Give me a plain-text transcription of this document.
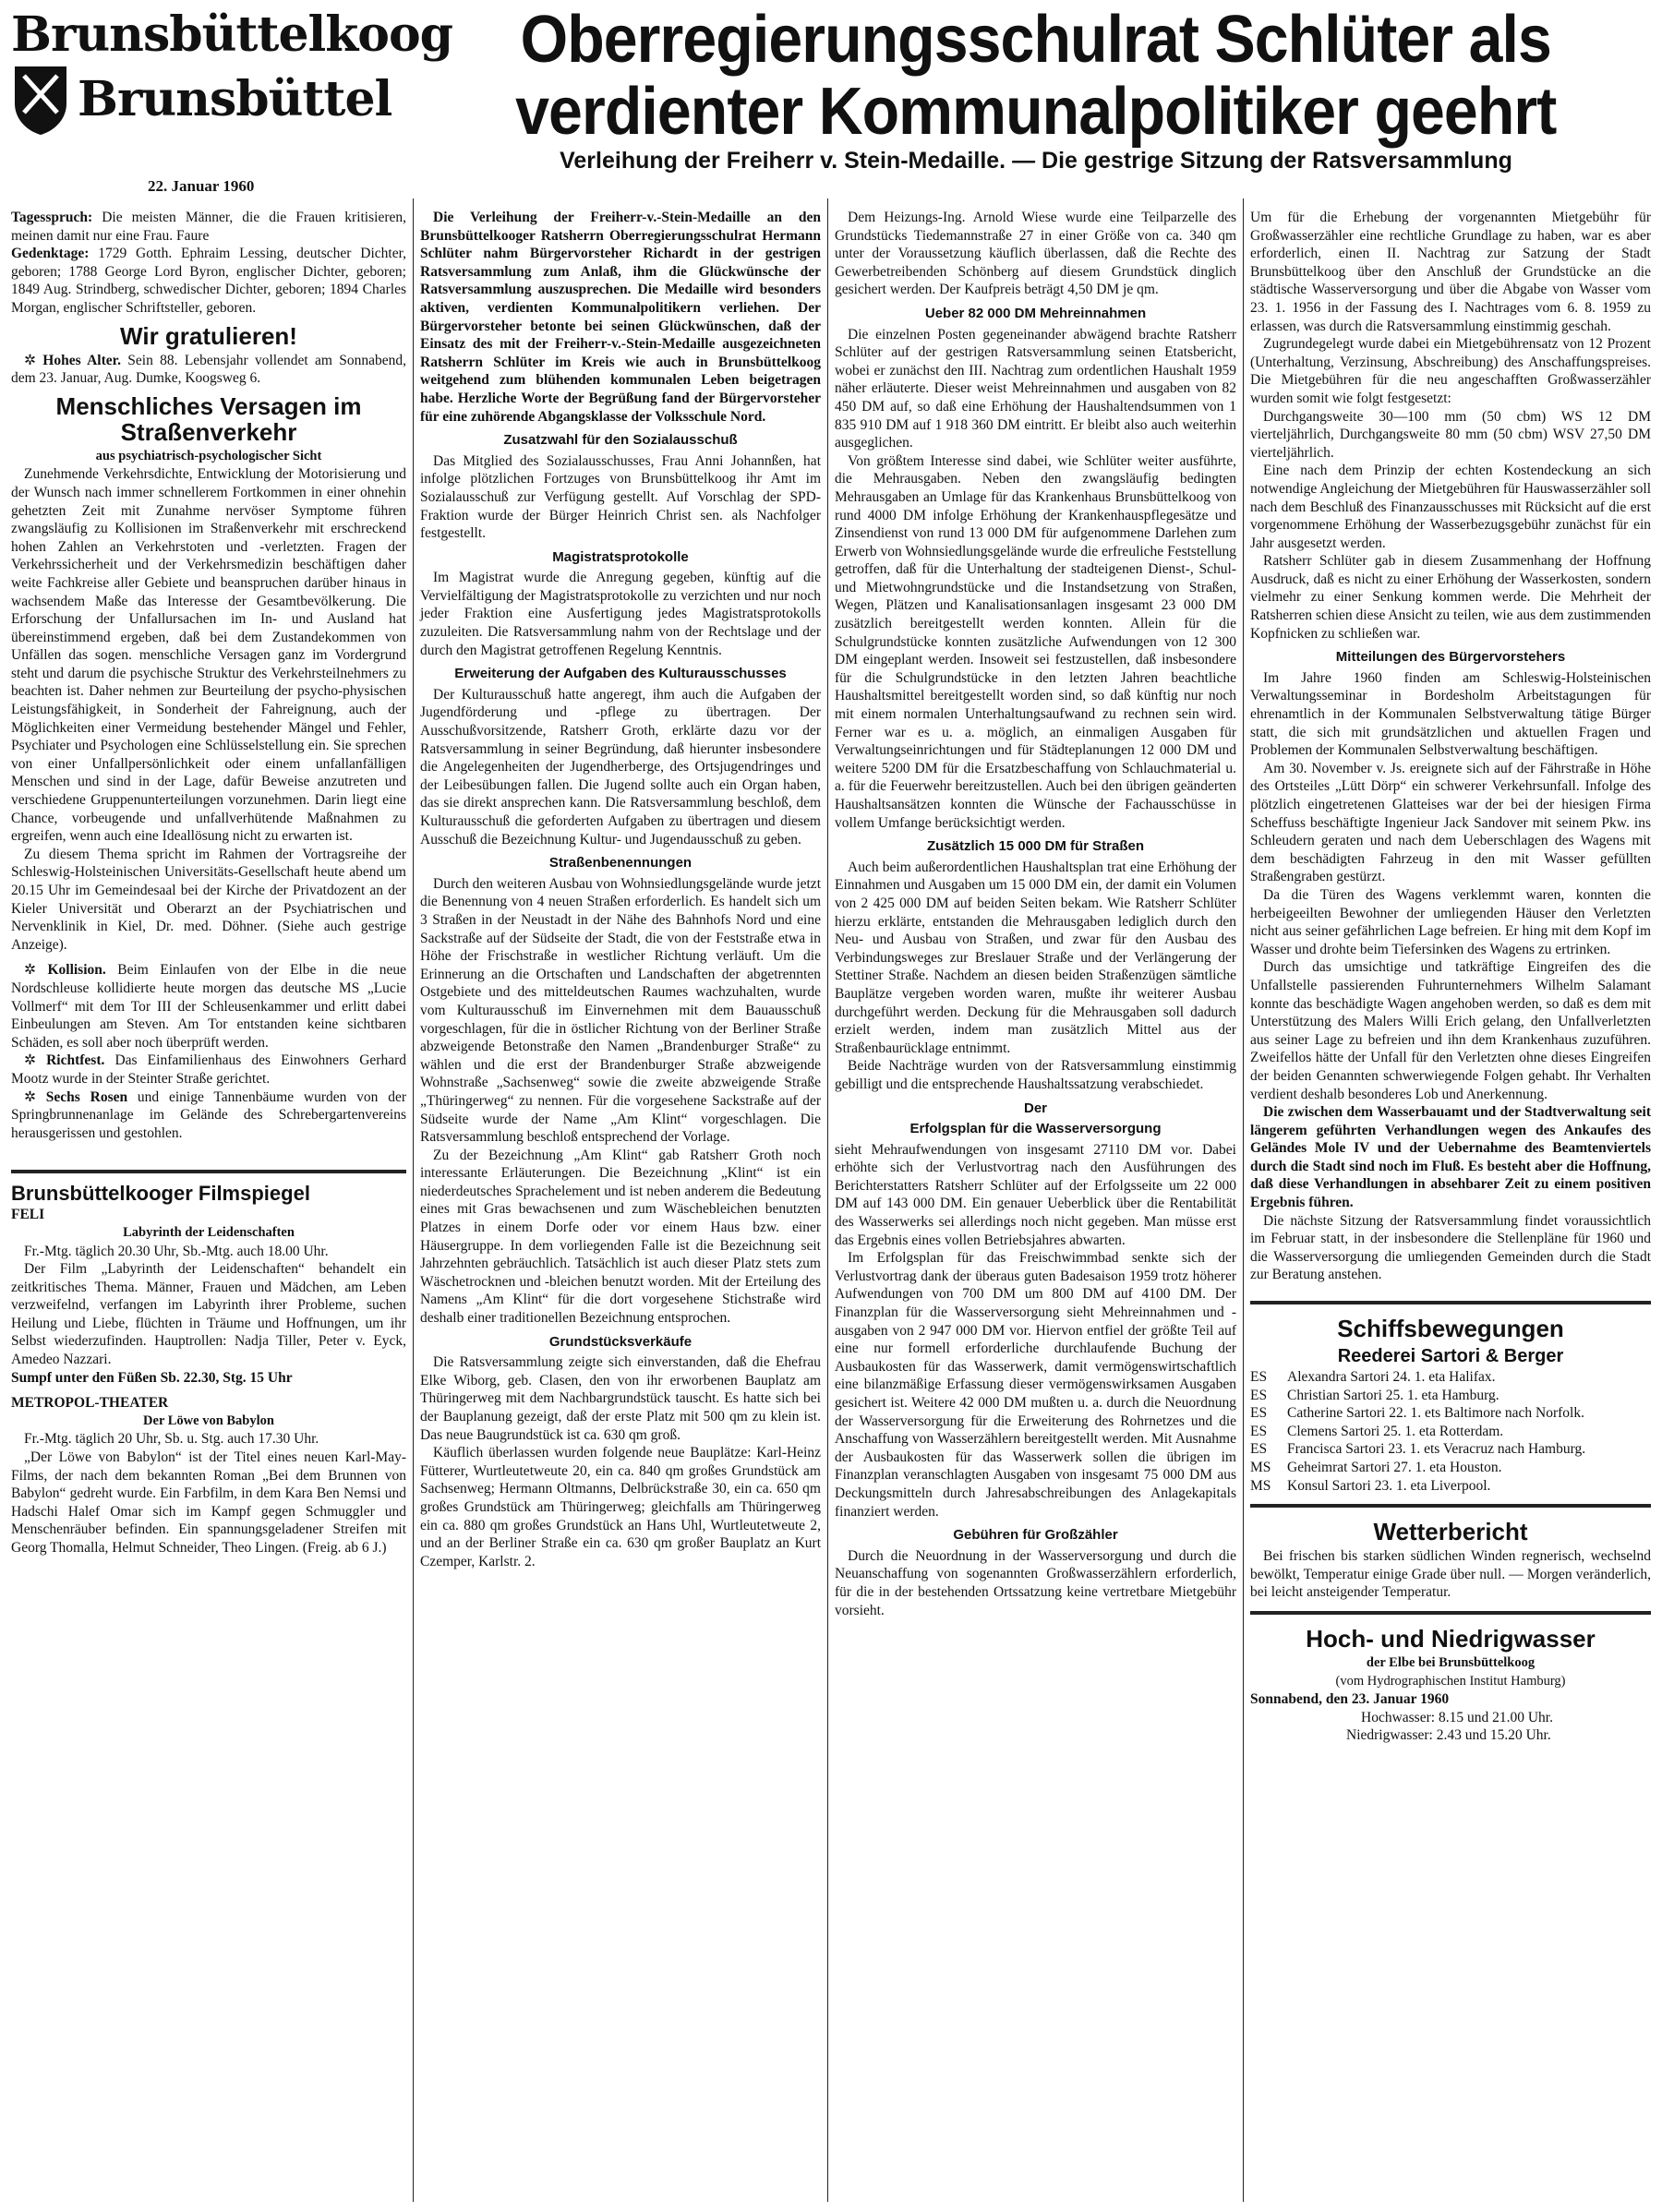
Brunsbüttelkoog
Brunsbüttel
22. Januar 1960
Oberregierungsschulrat Schlüter als
verdienter Kommunalpolitiker geehrt
Verleihung der Freiherr v. Stein-Medaille. — Die gestrige Sitzung der Ratsversammlung

Tagesspruch: Die meisten Männer, die die Frauen kritisieren, meinen damit nur eine Frau. Faure

Gedenktage: 1729 Gotth. Ephraim Lessing, deutscher Dichter, geboren; 1788 George Lord Byron, englischer Dichter, geboren; 1849 Aug. Strindberg, schwedischer Dichter, geboren; 1894 Charles Morgan, englischer Schriftsteller, geboren.

Wir gratulieren!

✲ Hohes Alter. Sein 88. Lebensjahr vollendet am Sonnabend, dem 23. Januar, Aug. Dumke, Koogsweg 6.

Menschliches Versagen im Straßenverkehr
aus psychiatrisch-psychologischer Sicht

Zunehmende Verkehrsdichte, Entwicklung der Motorisierung und der Wunsch nach immer schnellerem Fortkommen in einer ohnehin gehetzten Zeit mit Zunahme nervöser Symptome führen zwangsläufig zu Kollisionen im Straßenverkehr mit erschreckend hohen Zahlen an Verkehrstoten und -verletzten. Fragen der Verkehrssicherheit und der Verkehrsmedizin beschäftigen daher weite Fachkreise aller Gebiete und beanspruchen darüber hinaus in wachsendem Maße das Interesse der Gesamtbevölkerung. Die Erforschung der Unfallursachen im In- und Ausland hat übereinstimmend ergeben, daß bei dem Zustandekommen von Unfällen das sogen. menschliche Versagen ganz im Vordergrund steht und darum die psychische Struktur des Verkehrsteilnehmers zu beachten ist. Daher nehmen zur Beurteilung der psycho-physischen Leistungsfähigkeit, in Sonderheit der Fahreignung, auch der Möglichkeiten einer Vermeidung bestehender Mängel und Fehler, Psychiater und Psychologen eine Schlüsselstellung ein. Sie sprechen von einer Unfallpersönlichkeit oder einem unfallanfälligen Menschen und sind in der Lage, dafür Beweise anzutreten und verschiedene Gruppenunterteilungen vorzunehmen. Darin liegt eine Chance, vorbeugende und unfallverhütende Maßnahmen zu ergreifen, wenn auch eine Ideallösung nicht zu erwarten ist.

Zu diesem Thema spricht im Rahmen der Vortragsreihe der Schleswig-Holsteinischen Universitäts-Gesellschaft heute abend um 20.15 Uhr im Gemeindesaal bei der Kirche der Privatdozent an der Kieler Universität und Oberarzt an der Psychiatrischen und Nervenklinik in Kiel, Dr. med. Döhner. (Siehe auch gestrige Anzeige).

✲ Kollision. Beim Einlaufen von der Elbe in die neue Nordschleuse kollidierte heute morgen das deutsche MS „Lucie Vollmerf“ mit dem Tor III der Schleusenkammer und erlitt dabei Einbeulungen am Steven. Am Tor entstanden keine sichtbaren Schäden, es soll aber noch überprüft werden.

✲ Richtfest. Das Einfamilienhaus des Einwohners Gerhard Mootz wurde in der Steinter Straße gerichtet.

✲ Sechs Rosen und einige Tannenbäume wurden von der Springbrunnenanlage im Gelände des Schrebergartenvereins herausgerissen und gestohlen.

Brunsbüttelkooger Filmspiegel
FELI
Labyrinth der Leidenschaften

Fr.-Mtg. täglich 20.30 Uhr, Sb.-Mtg. auch 18.00 Uhr.

Der Film „Labyrinth der Leidenschaften“ behandelt ein zeitkritisches Thema. Männer, Frauen und Mädchen, am Leben verzweifelnd, verfangen im Labyrinth ihrer Probleme, suchen Heilung und Liebe, flüchten in Träume und Hoffnungen, um ihr Selbst wiederzufinden. Hauptrollen: Nadja Tiller, Peter v. Eyck, Amedeo Nazzari.

Sumpf unter den Füßen Sb. 22.30, Stg. 15 Uhr
METROPOL-THEATER
Der Löwe von Babylon

Fr.-Mtg. täglich 20 Uhr, Sb. u. Stg. auch 17.30 Uhr.

„Der Löwe von Babylon“ ist der Titel eines neuen Karl-May-Films, der nach dem bekannten Roman „Bei dem Brunnen von Babylon“ gedreht wurde. Ein Farbfilm, in dem Kara Ben Nemsi und Hadschi Halef Omar sich im Kampf gegen Schmuggler und Menschenräuber befinden. Ein spannungsgeladener Streifen mit Georg Thomalla, Helmut Schneider, Theo Lingen. (Freig. ab 6 J.)

Die Verleihung der Freiherr-v.-Stein-Medaille an den Brunsbüttelkooger Ratsherrn Oberregierungsschulrat Hermann Schlüter nahm Bürgervorsteher Richardt in der gestrigen Ratsversammlung zum Anlaß, ihm die Glückwünsche der Ratsversammlung auszusprechen. Die Medaille wird besonders aktiven, verdienten Kommunalpolitikern verliehen. Der Bürgervorsteher betonte bei seinen Glückwünschen, daß der Einsatz des mit der Freiherr-v.-Stein-Medaille ausgezeichneten Ratsherrn Schlüter im Kreis wie auch in Brunsbüttelkoog weitgehend zum blühenden kommunalen Leben beigetragen habe. Herzliche Worte der Begrüßung fand der Bürgervorsteher für eine zuhörende Abgangsklasse der Volksschule Nord.

Zusatzwahl für den Sozialausschuß

Das Mitglied des Sozialausschusses, Frau Anni Johannßen, hat infolge plötzlichen Fortzuges von Brunsbüttelkoog ihr Amt im Sozialausschuß zur Verfügung gestellt. Auf Vorschlag der SPD-Fraktion wurde der Bürger Heinrich Christ sen. als Nachfolger festgestellt.

Magistratsprotokolle

Im Magistrat wurde die Anregung gegeben, künftig auf die Vervielfältigung der Magistratsprotokolle zu verzichten und nur noch jeder Fraktion eine Ausfertigung jedes Magistratsprotokolls zuzuleiten. Die Ratsversammlung nahm von der Rechtslage und der durch den Magistrat getroffenen Regelung Kenntnis.

Erweiterung der Aufgaben des Kulturausschusses

Der Kulturausschuß hatte angeregt, ihm auch die Aufgaben der Jugendförderung und -pflege zu übertragen. Der Ausschußvorsitzende, Ratsherr Groth, erklärte dazu vor der Ratsversammlung in seiner Begründung, daß hierunter insbesondere die Angelegenheiten der Jugendherberge, des Ortsjugendringes und der Leibesübungen fallen. Die Jugend sollte auch ein Organ haben, das sie direkt ansprechen kann. Die Ratsversammlung beschloß, dem Kulturausschuß die geforderten Aufgaben zu übertragen und diesem Ausschuß die Bezeichnung Kultur- und Jugendausschuß zu geben.

Straßenbenennungen

Durch den weiteren Ausbau von Wohnsiedlungsgelände wurde jetzt die Benennung von 4 neuen Straßen erforderlich. Es handelt sich um 3 Straßen in der Neustadt in der Nähe des Bahnhofs Nord und eine Sackstraße auf der Südseite der Stadt, die von der Feststraße etwa in Höhe der Frischstraße in westlicher Richtung verläuft. Um die Erinnerung an die Ortschaften und Landschaften der abgetrennten Ostgebiete und des mitteldeutschen Raumes wachzuhalten, wurde vom Kulturausschuß im Einvernehmen mit dem Bauausschuß vorgeschlagen, für die in östlicher Richtung von der Berliner Straße abzweigende Betonstraße den Namen „Brandenburger Straße“ zu wählen und die erst der Brandenburger Straße abzweigende Wohnstraße „Sachsenweg“ sowie die zweite abzweigende Straße „Thüringerweg“ zu nennen. Für die vorgesehene Sackstraße auf der Südseite wurde der Name „Am Klint“ vorgeschlagen. Die Ratsversammlung beschloß entsprechend der Vorlage.

Zu der Bezeichnung „Am Klint“ gab Ratsherr Groth noch interessante Erläuterungen. Die Bezeichnung „Klint“ ist ein niederdeutsches Sprachelement und ist neben anderem die Bedeutung eines mit Gras bewachsenen und zum Wäschebleichen benutzten Platzes in einem Dorfe oder vor einem Haus bzw. einer Häusergruppe. In dem vorliegenden Falle ist die Bezeichnung seit Jahrzehnten gebräuchlich. Tatsächlich ist auch dieser Platz stets zum Wäschetrocknen und -bleichen benutzt worden. Mit der Erteilung des Namens „Am Klint“ für die dort vorgesehene Stichstraße wird deshalb einer traditionellen Bezeichnung entsprochen.

Grundstücksverkäufe

Die Ratsversammlung zeigte sich einverstanden, daß die Ehefrau Elke Wiborg, geb. Clasen, den von ihr erworbenen Bauplatz am Thüringerweg mit dem Nachbargrundstück tauscht. Es hatte sich bei der Bauplanung gezeigt, daß der erste Platz mit 500 qm zu klein ist. Das neue Baugrundstück ist ca. 630 qm groß.

Käuflich überlassen wurden folgende neue Bauplätze: Karl-Heinz Fütterer, Wurtleutetweute 20, ein ca. 840 qm großes Grundstück am Sachsenweg; Hermann Oltmanns, Delbrückstraße 30, ein ca. 650 qm großes Grundstück am Thüringerweg; gleichfalls am Thüringerweg ein ca. 880 qm großes Grundstück an Hans Uhl, Wurtleutetweute 2, und an der Berliner Straße ein ca. 630 qm großer Bauplatz an Kurt Czemper, Karlstr. 2.

Dem Heizungs-Ing. Arnold Wiese wurde eine Teilparzelle des Grundstücks Tiedemannstraße 27 in einer Größe von ca. 340 qm unter der Voraussetzung käuflich überlassen, daß die Rechte des Gewerbetreibenden Schönberg auf diesem Grundstück dinglich gesichert werden. Der Kaufpreis beträgt 4,50 DM je qm.

Ueber 82 000 DM Mehreinnahmen

Die einzelnen Posten gegeneinander abwägend brachte Ratsherr Schlüter auf der gestrigen Ratsversammlung seinen Etatsbericht, wobei er zunächst den III. Nachtrag zum ordentlichen Haushalt 1959 näher erläuterte. Dieser weist Mehreinnahmen und ausgaben von 82 450 DM auf, so daß eine Erhöhung der Haushaltendsummen von 1 835 910 DM auf 1 918 360 DM eintritt. Er bleibt also auch weiterhin ausgeglichen.

Von größtem Interesse sind dabei, wie Schlüter weiter ausführte, die Mehrausgaben. Neben den zwangsläufig bedingten Mehrausgaben an Umlage für das Krankenhaus Brunsbüttelkoog von rund 4000 DM infolge Erhöhung der Krankenhauspflegesätze und Zinsendienst von rund 13 000 DM für aufgenommene Darlehen zum Erwerb von Wohnsiedlungsgelände wurde die erfreuliche Feststellung getroffen, daß für die Unterhaltung der stadteigenen Dienst-, Schul- und Mietwohngrundstücke und die Instandsetzung von Straßen, Wegen, Plätzen und Kanalisationsanlagen insgesamt 23 000 DM zusätzlich bereitgestellt werden konnten. Allein für die Schulgrundstücke konnten zusätzliche Aufwendungen von 12 300 DM eingeplant werden. Insoweit sei festzustellen, daß insbesondere für die Schulgrundstücke in den letzten Jahren beachtliche Haushaltsmittel bereitgestellt worden sind, so daß künftig nur noch mit einem normalen Unterhaltungsaufwand zu rechnen sein wird. Ferner war es u. a. möglich, an einmaligen Ausgaben für Verwaltungseinrichtungen und für Städteplanungen 12 000 DM und weitere 5200 DM für die Ersatzbeschaffung von Schlauchmaterial u. a. für die Feuerwehr bereitzustellen. Auch bei den übrigen geänderten Haushaltsansätzen konnten die Wünsche der Fachausschüsse in vollem Umfange berücksichtigt werden.

Zusätzlich 15 000 DM für Straßen

Auch beim außerordentlichen Haushaltsplan trat eine Erhöhung der Einnahmen und Ausgaben um 15 000 DM ein, der damit ein Volumen von 2 425 000 DM auf beiden Seiten bekam. Wie Ratsherr Schlüter hierzu erklärte, entstanden die Mehrausgaben lediglich durch den Neu- und Ausbau von Straßen, und zwar für den Ausbau des Verbindungsweges zur Breslauer Straße und der Verlängerung der Stettiner Straße. Nachdem an diesen beiden Straßenzügen sämtliche Bauplätze vergeben worden waren, mußte ihr weiterer Ausbau durchgeführt werden. Deckung für die Mehrausgaben soll dadurch erzielt werden, indem man zusätzlich Mittel aus der Straßenbaurücklage entnimmt.

Beide Nachträge wurden von der Ratsversammlung einstimmig gebilligt und die entsprechende Haushaltssatzung verabschiedet.

Der
Erfolgsplan für die Wasserversorgung

sieht Mehraufwendungen von insgesamt 27110 DM vor. Dabei erhöhte sich der Verlustvortrag nach den Ausführungen des Berichterstatters Ratsherr Schlüter auf der Erfolgsseite um 22 000 DM auf 143 000 DM. Ein genauer Ueberblick über die Rentabilität des Wasserwerks sei allerdings noch nicht gegeben. Man müsse erst das Ergebnis eines vollen Betriebsjahres abwarten.

Im Erfolgsplan für das Freischwimmbad senkte sich der Verlustvortrag dank der überaus guten Badesaison 1959 trotz höherer Aufwendungen von 700 DM um 800 DM auf 4100 DM. Der Finanzplan für die Wasserversorgung sieht Mehreinnahmen und -ausgaben von 2 947 000 DM vor. Hiervon entfiel der größte Teil auf eine nur formell erforderliche durchlaufende Buchung der Ausbaukosten für das Wasserwerk, damit vermögenswirtschaftlich eine bilanzmäßige Erfassung dieser vermögenswirksamen Ausgaben gesichert ist. Weitere 42 000 DM mußten u. a. durch die Neuordnung der Wasserversorgung für die Erweiterung des Rohrnetzes und die Anschaffung von Wasserzählern bereitgestellt werden. Mit Ausnahme der Ausbaukosten für das Wasserwerk sollen die übrigen im Finanzplan veranschlagten Ausgaben von insgesamt 75 000 DM aus Deckungsmitteln durch Jahresabschreibungen des Anlagekapitals finanziert werden.

Gebühren für Großzähler

Durch die Neuordnung in der Wasserversorgung und durch die Neuanschaffung von sogenannten Großwasserzählern erforderlich, für die in der bestehenden Ortssatzung keine vertretbare Mietgebühr vorsieht.

Um für die Erhebung der vorgenannten Mietgebühr für Großwasserzähler eine rechtliche Grundlage zu haben, war es aber erforderlich, einen II. Nachtrag zur Satzung der Stadt Brunsbüttelkoog über den Anschluß der Grundstücke an die städtische Wasserversorgung und über die Abgabe von Wasser vom 23. 1. 1956 in der Fassung des I. Nachtrages vom 6. 8. 1959 zu erlassen, was durch die Ratsversammlung einstimmig geschah.

Zugrundegelegt wurde dabei ein Mietgebührensatz von 12 Prozent (Unterhaltung, Verzinsung, Abschreibung) des Anschaffungspreises. Die Mietgebühren für die neu angeschafften Großwasserzähler wurden somit wie folgt festgesetzt:

Durchgangsweite 30—100 mm (50 cbm) WS 12 DM vierteljährlich, Durchgangsweite 80 mm (50 cbm) WSV 27,50 DM vierteljährlich.

Eine nach dem Prinzip der echten Kostendeckung an sich notwendige Angleichung der Mietgebühren für Hauswasserzähler soll nach dem Beschluß des Finanzausschusses mit Rücksicht auf die erst vorgenommene Erhöhung der Wasserbezugsgebühr zunächst für ein Jahr ausgesetzt werden.

Ratsherr Schlüter gab in diesem Zusammenhang der Hoffnung Ausdruck, daß es nicht zu einer Erhöhung der Wasserkosten, sondern vielmehr zu einer Senkung kommen werde. Die Mehrheit der Ratsherren schien diese Ansicht zu teilen, wie aus dem zustimmenden Kopfnicken zu schließen war.

Mitteilungen des Bürgervorstehers

Im Jahre 1960 finden am Schleswig-Holsteinischen Verwaltungsseminar in Bordesholm Arbeitstagungen für ehrenamtlich in der Kommunalen Selbstverwaltung tätige Bürger statt, die sich mit grundsätzlichen und aktuellen Fragen und Problemen der Kommunalen Selbstverwaltung beschäftigen.

Am 30. November v. Js. ereignete sich auf der Fährstraße in Höhe des Ortsteiles „Lütt Dörp“ ein schwerer Verkehrsunfall. Infolge des plötzlich eingetretenen Glatteises war der bei der hiesigen Firma Scheffuss beschäftigte Ingenieur Jack Sandover mit seinem Pkw. ins Schleudern geraten und nach dem Ueberschlagen des Wagens mit dem beschädigten Fahrzeug in den mit Wasser gefüllten Straßengraben gestürzt.

Da die Türen des Wagens verklemmt waren, konnten die herbeigeeilten Bewohner der umliegenden Häuser den Verletzten nicht aus seiner gefährlichen Lage befreien. Er hing mit dem Kopf im Wasser und drohte beim Tiefersinken des Wagens zu ertrinken.

Durch das umsichtige und tatkräftige Eingreifen des die Unfallstelle passierenden Fuhrunternehmers Wilhelm Salamant konnte das beschädigte Wagen angehoben werden, so daß es dem mit Unterstützung des Malers Willi Erich gelang, den Unfallverletzten aus seiner Lage zu befreien und ihn dem Krankenhaus zuzuführen. Zweifellos hätte der Unfall für den Verletzten ohne dieses Eingreifen der beiden Genannten schwerwiegende Folgen gehabt. Ihr Verhalten verdient deshalb besonderes Lob und Anerkennung.

Die zwischen dem Wasserbauamt und der Stadtverwaltung seit längerem geführten Verhandlungen wegen des Ankaufes des Geländes Mole IV und der Uebernahme des Beamtenviertels durch die Stadt sind noch im Fluß. Es besteht aber die Hoffnung, daß diese Verhandlungen in absehbarer Zeit zu einem positiven Ergebnis führen.

Die nächste Sitzung der Ratsversammlung findet voraussichtlich im Februar statt, in der insbesondere die Stellenpläne für 1960 und die Wasserversorgung die umliegenden Gemeinden durch die Stadt zur Beratung anstehen.

Schiffsbewegungen
Reederei Sartori & Berger
ES	Alexandra Sartori 24. 1. eta Halifax.
ES	Christian Sartori 25. 1. eta Hamburg.
ES	Catherine Sartori 22. 1. ets Baltimore nach Norfolk.
ES	Clemens Sartori 25. 1. eta Rotterdam.
ES	Francisca Sartori 23. 1. ets Veracruz nach Hamburg.
MS	Geheimrat Sartori 27. 1. eta Houston.
MS	Konsul Sartori 23. 1. eta Liverpool.
Wetterbericht

Bei frischen bis starken südlichen Winden regnerisch, wechselnd bewölkt, Temperatur einige Grade über null. — Morgen veränderlich, bei leicht ansteigender Temperatur.

Hoch- und Niedrigwasser
der Elbe bei Brunsbüttelkoog
(vom Hydrographischen Institut Hamburg)
Sonnabend, den 23. Januar 1960
Hochwasser: 8.15 und 21.00 Uhr.
Niedrigwasser: 2.43 und 15.20 Uhr.
